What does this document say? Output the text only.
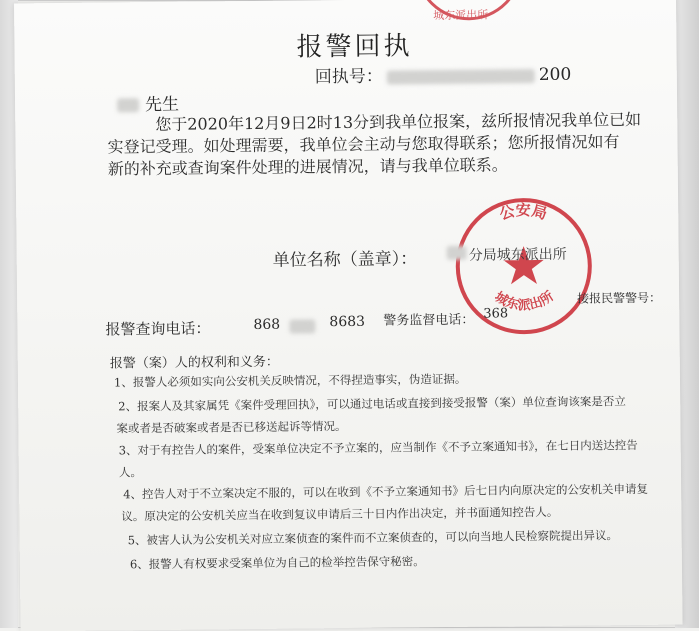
城东派出所
报警回执
回执号：	200
先生
您于2020年12月9日2时13分到我单位报案，兹所报情况我单位已如
实登记受理。如处理需要，我单位会主动与您取得联系；您所报情况如有
新的补充或查询案件处理的进展情况，请与我单位联系。
公安局
城东派出所
单位名称（盖章）：	分局城东派出所
接报民警警号：
报警查询电话：	868	8683 警务监督电话： 368
报警（案）人的权利和义务：
1、报警人必须如实向公安机关反映情况，不得捏造事实，伪造证据。
2、报案人及其家属凭《案件受理回执》，可以通过电话或直接到接受报警（案）单位查询该案是否立
案或者是否破案或者是否已移送起诉等情况。
3、对于有控告人的案件，受案单位决定不予立案的，应当制作《不予立案通知书》，在七日内送达控告
人。
4、控告人对于不立案决定不服的，可以在收到《不予立案通知书》后七日内向原决定的公安机关申请复
议。原决定的公安机关应当在收到复议申请后三十日内作出决定，并书面通知控告人。
5、被害人认为公安机关对应立案侦查的案件而不立案侦查的，可以向当地人民检察院提出异议。
6、报警人有权要求受案单位为自己的检举控告保守秘密。
